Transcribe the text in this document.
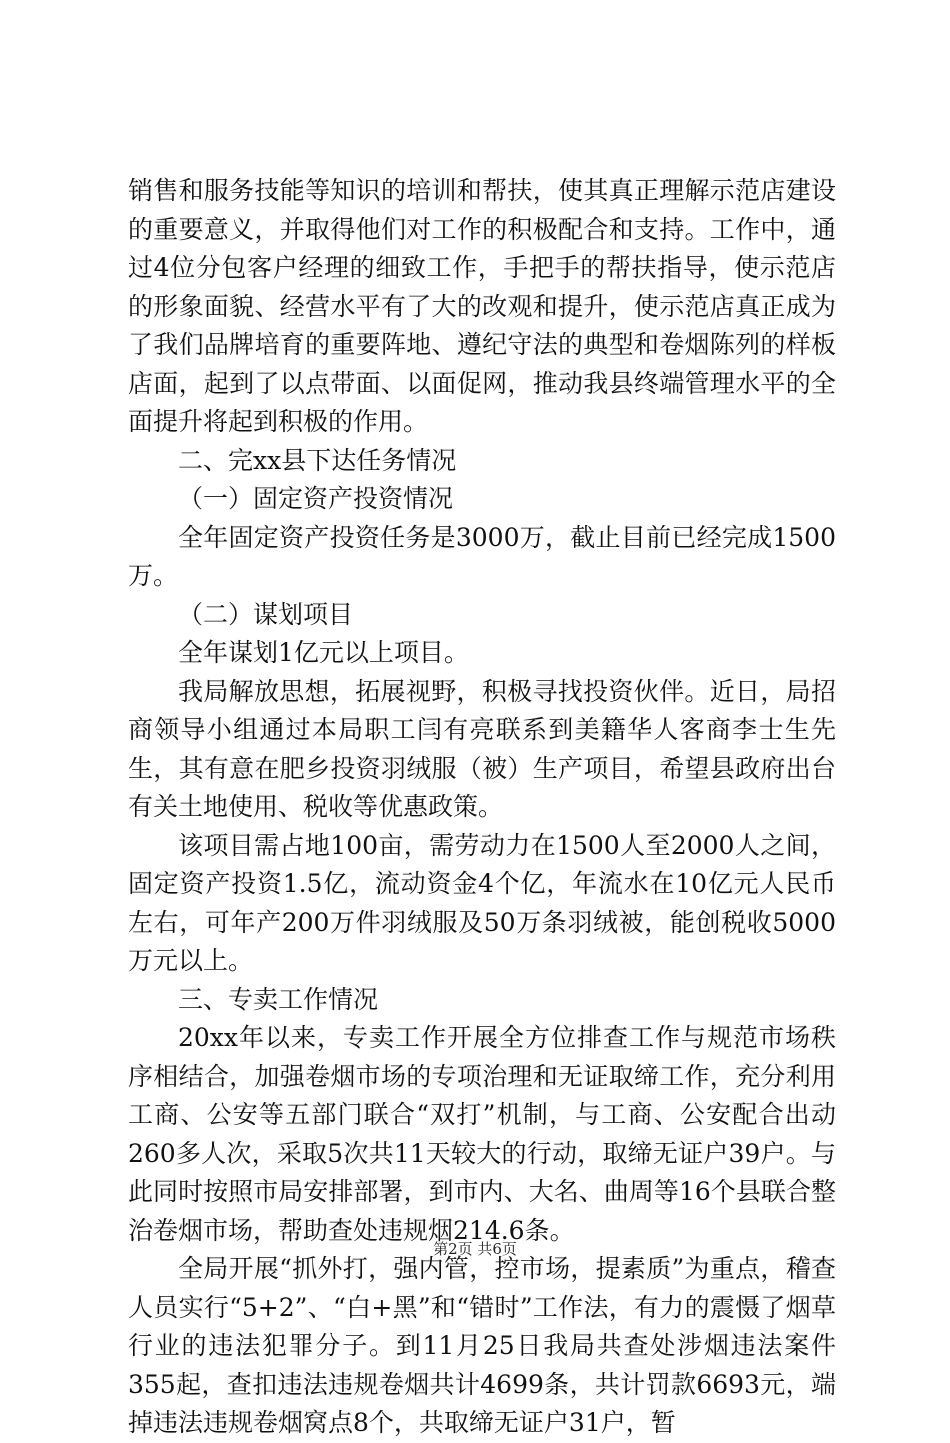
销售和服务技能等知识的培训和帮扶，使其真正理解示范店建设的重要意义，并取得他们对工作的积极配合和支持。工作中，通过4位分包客户经理的细致工作，手把手的帮扶指导，使示范店的形象面貌、经营水平有了大的改观和提升，使示范店真正成为了我们品牌培育的重要阵地、遵纪守法的典型和卷烟陈列的样板店面，起到了以点带面、以面促网，推动我县终端管理水平的全面提升将起到积极的作用。

二、完xx县下达任务情况

（一）固定资产投资情况

全年固定资产投资任务是3000万，截止目前已经完成1500万。

（二）谋划项目

全年谋划1亿元以上项目。

我局解放思想，拓展视野，积极寻找投资伙伴。近日，局招商领导小组通过本局职工闫有亮联系到美籍华人客商李士生先生，其有意在肥乡投资羽绒服（被）生产项目，希望县政府出台有关土地使用、税收等优惠政策。

该项目需占地100亩，需劳动力在1500人至2000人之间，固定资产投资1.5亿，流动资金4个亿，年流水在10亿元人民币左右，可年产200万件羽绒服及50万条羽绒被，能创税收5000万元以上。

三、专卖工作情况

20xx年以来，专卖工作开展全方位排查工作与规范市场秩序相结合，加强卷烟市场的专项治理和无证取缔工作，充分利用工商、公安等五部门联合“双打”机制，与工商、公安配合出动260多人次，采取5次共11天较大的行动，取缔无证户39户。与此同时按照市局安排部署，到市内、大名、曲周等16个县联合整治卷烟市场，帮助查处违规烟214.6条。

全局开展“抓外打，强内管，控市场，提素质”为重点，稽查人员实行“5+2”、“白+黑”和“错时”工作法，有力的震慑了烟草行业的违法犯罪分子。到11月25日我局共查处涉烟违法案件355起，查扣违法违规卷烟共计4699条，共计罚款6693元，端掉违法违规卷烟窝点8个，共取缔无证户31户，暂

第2页 共6页
